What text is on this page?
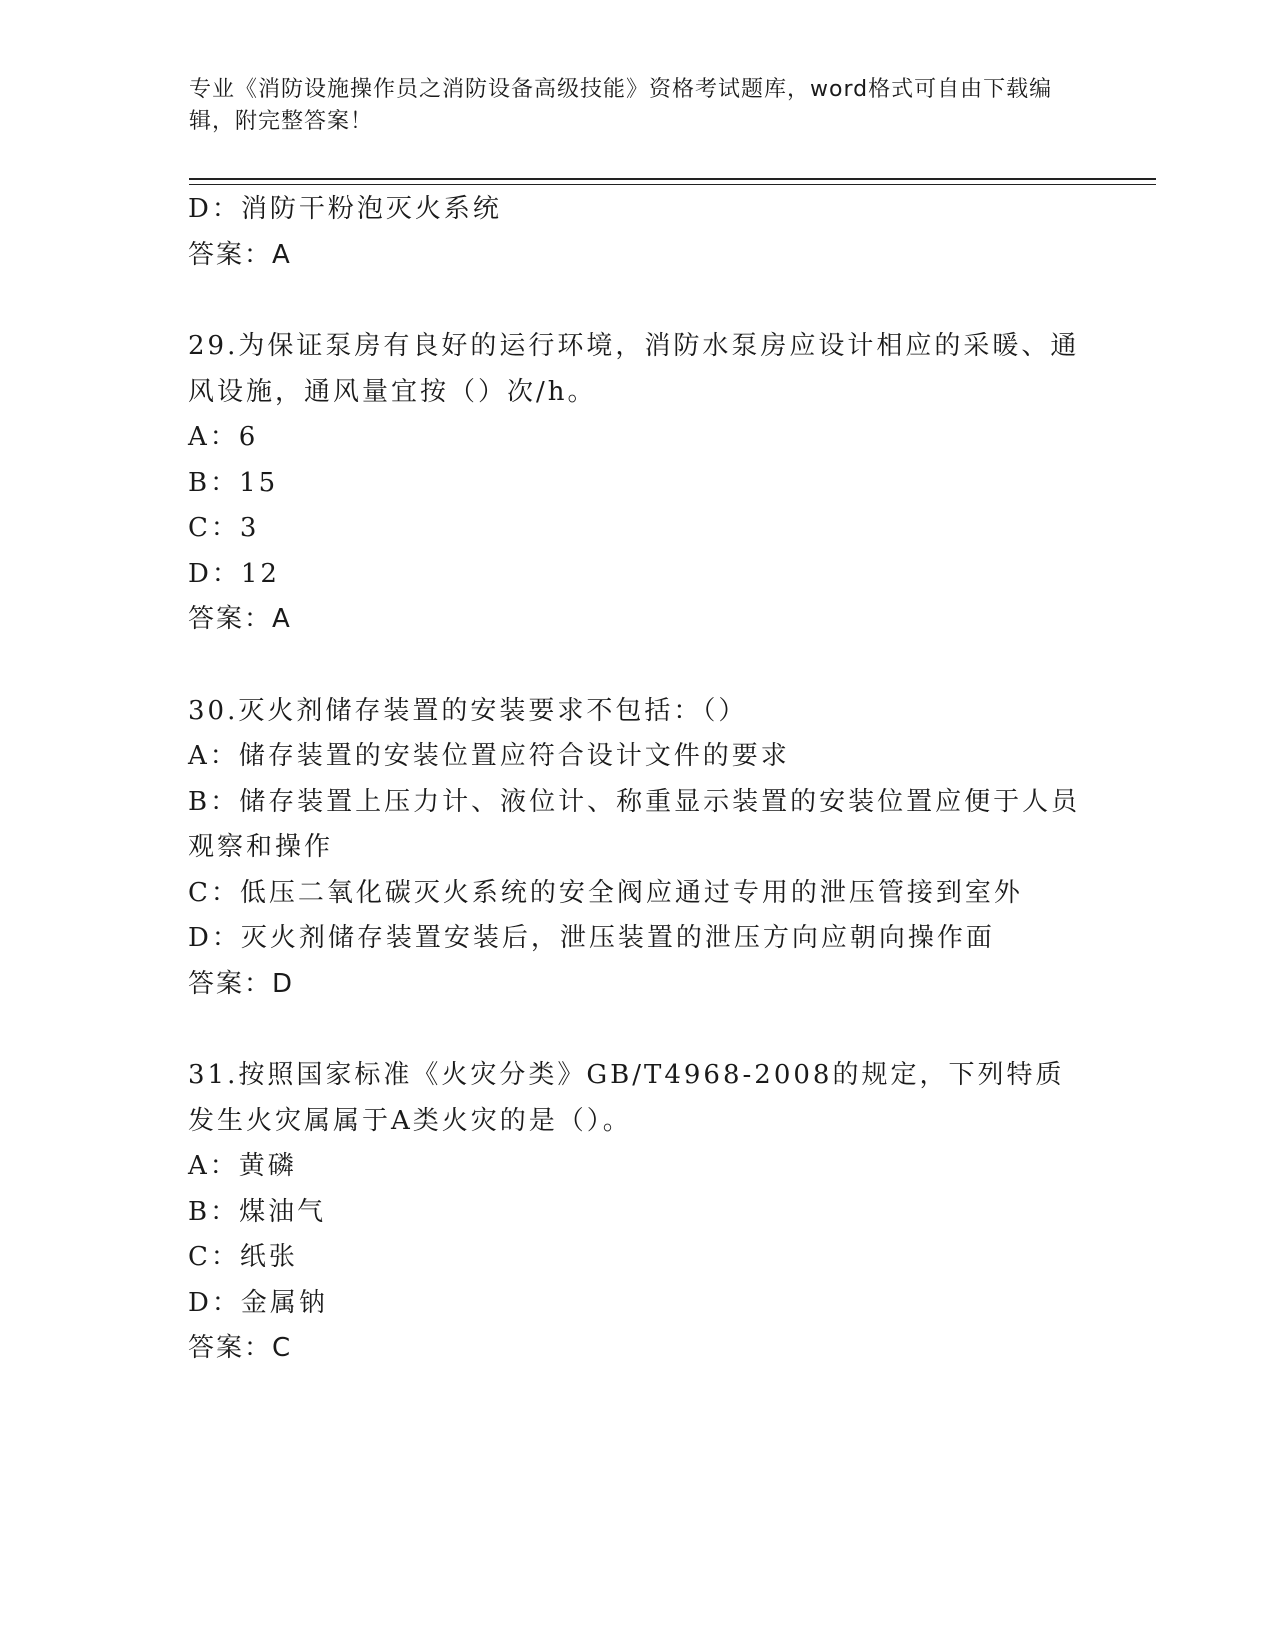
专业《消防设施操作员之消防设备高级技能》资格考试题库，word格式可自由下载编辑，附完整答案！
D：消防干粉泡灭火系统
答案：A
29.为保证泵房有良好的运行环境，消防水泵房应设计相应的采暖、通风设施，通风量宜按（）次/h。
A：6
B：15
C：3
D：12
答案：A
30.灭火剂储存装置的安装要求不包括：（）
A：储存装置的安装位置应符合设计文件的要求
B：储存装置上压力计、液位计、称重显示装置的安装位置应便于人员观察和操作
C：低压二氧化碳灭火系统的安全阀应通过专用的泄压管接到室外
D：灭火剂储存装置安装后，泄压装置的泄压方向应朝向操作面
答案：D
31.按照国家标准《火灾分类》GB/T4968-2008的规定，下列特质发生火灾属属于A类火灾的是（）。
A：黄磷
B：煤油气
C：纸张
D：金属钠
答案：C
